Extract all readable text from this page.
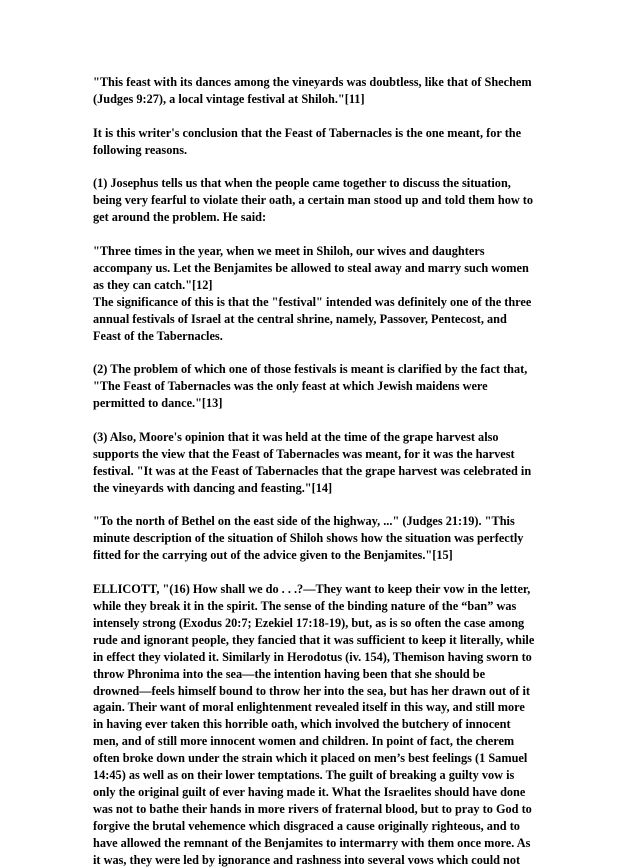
"This feast with its dances among the vineyards was doubtless, like that of Shechem
(Judges 9:27), a local vintage festival at Shiloh."[11]
It is this writer's conclusion that the Feast of Tabernacles is the one meant, for the
following reasons.
(1) Josephus tells us that when the people came together to discuss the situation,
being very fearful to violate their oath, a certain man stood up and told them how to
get around the problem. He said:
"Three times in the year, when we meet in Shiloh, our wives and daughters
accompany us. Let the Benjamites be allowed to steal away and marry such women
as they can catch."[12]
The significance of this is that the "festival" intended was definitely one of the three
annual festivals of Israel at the central shrine, namely, Passover, Pentecost, and
Feast of the Tabernacles.
(2) The problem of which one of those festivals is meant is clarified by the fact that,
"The Feast of Tabernacles was the only feast at which Jewish maidens were
permitted to dance."[13]
(3) Also, Moore's opinion that it was held at the time of the grape harvest also
supports the view that the Feast of Tabernacles was meant, for it was the harvest
festival. "It was at the Feast of Tabernacles that the grape harvest was celebrated in
the vineyards with dancing and feasting."[14]
"To the north of Bethel on the east side of the highway, ..." (Judges 21:19). "This
minute description of the situation of Shiloh shows how the situation was perfectly
fitted for the carrying out of the advice given to the Benjamites."[15]
ELLICOTT, "(16) How shall we do . . .?—They want to keep their vow in the letter,
while they break it in the spirit. The sense of the binding nature of the “ban” was
intensely strong (Exodus 20:7; Ezekiel 17:18-19), but, as is so often the case among
rude and ignorant people, they fancied that it was sufficient to keep it literally, while
in effect they violated it. Similarly in Herodotus (iv. 154), Themison having sworn to
throw Phronima into the sea—the intention having been that she should be
drowned—feels himself bound to throw her into the sea, but has her drawn out of it
again. Their want of moral enlightenment revealed itself in this way, and still more
in having ever taken this horrible oath, which involved the butchery of innocent
men, and of still more innocent women and children. In point of fact, the cherem
often broke down under the strain which it placed on men’s best feelings (1 Samuel
14:45) as well as on their lower temptations. The guilt of breaking a guilty vow is
only the original guilt of ever having made it. What the Israelites should have done
was not to bathe their hands in more rivers of fraternal blood, but to pray to God to
forgive the brutal vehemence which disgraced a cause originally righteous, and to
have allowed the remnant of the Benjamites to intermarry with them once more. As
it was, they were led by ignorance and rashness into several vows which could not
